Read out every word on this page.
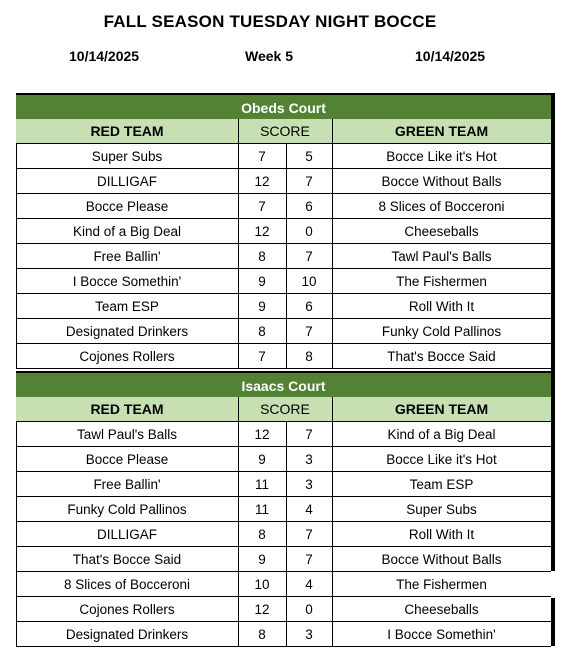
FALL SEASON TUESDAY NIGHT BOCCE
10/14/2025	Week 5	10/14/2025
Obeds Court
RED TEAM	SCORE	GREEN TEAM
Super Subs	7	5	Bocce Like it's Hot
DILLIGAF	12	7	Bocce Without Balls
Bocce Please	7	6	8 Slices of Bocceroni
Kind of a Big Deal	12	0	Cheeseballs
Free Ballin'	8	7	Tawl Paul's Balls
I Bocce Somethin'	9	10	The Fishermen
Team ESP	9	6	Roll With It
Designated Drinkers	8	7	Funky Cold Pallinos
Cojones Rollers	7	8	That's Bocce Said
Isaacs Court
RED TEAM	SCORE	GREEN TEAM
Tawl Paul's Balls	12	7	Kind of a Big Deal
Bocce Please	9	3	Bocce Like it's Hot
Free Ballin'	11	3	Team ESP
Funky Cold Pallinos	11	4	Super Subs
DILLIGAF	8	7	Roll With It
That's Bocce Said	9	7	Bocce Without Balls
8 Slices of Bocceroni	10	4	The Fishermen
Cojones Rollers	12	0	Cheeseballs
Designated Drinkers	8	3	I Bocce Somethin'
